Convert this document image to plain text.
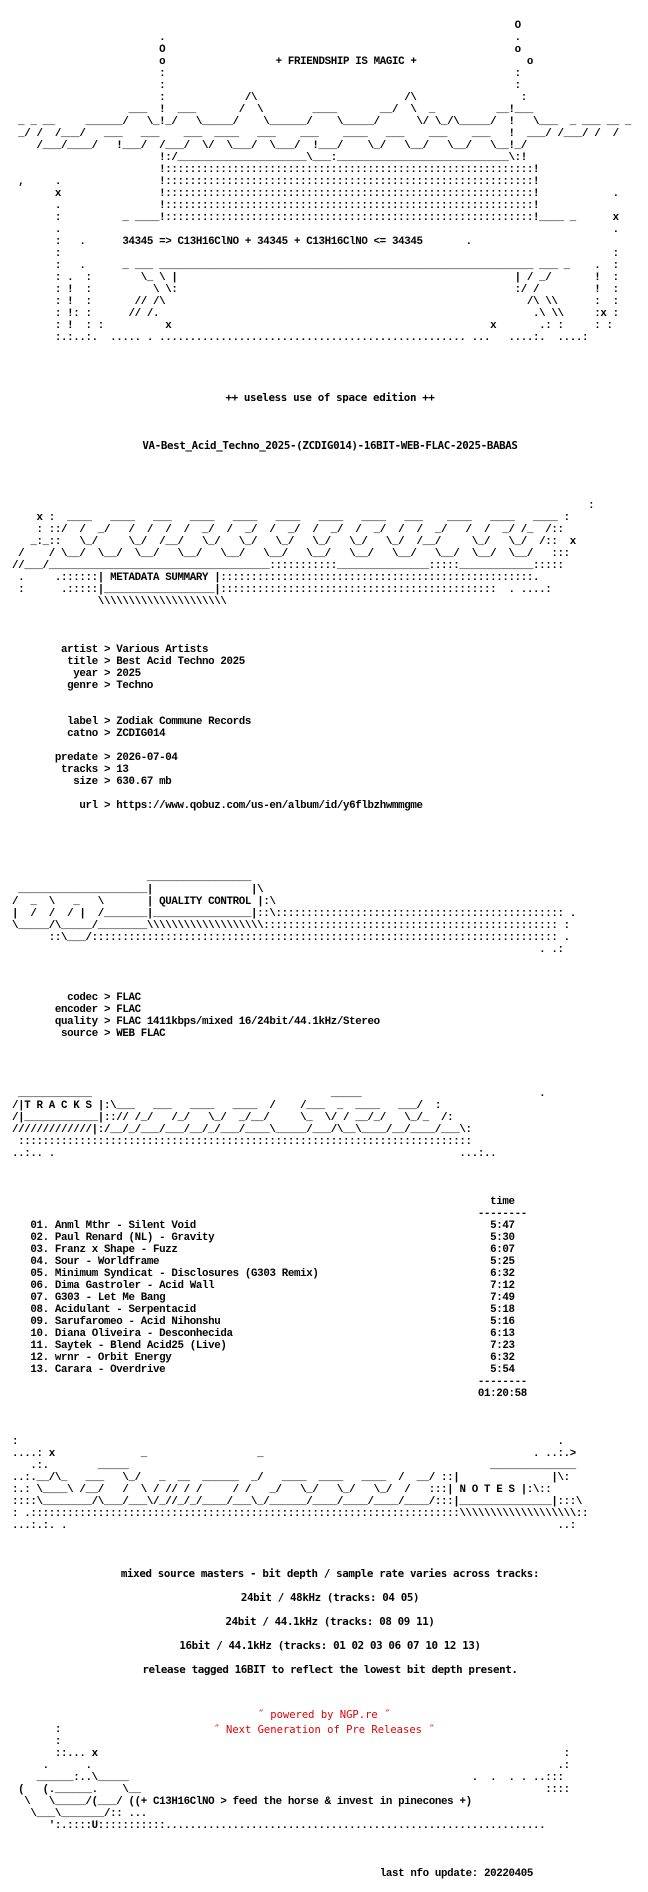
O
.                                                         .
O                                                         o
o	+ FRIENDSHIP IS MAGIC +	o
:                                                         :
:                                                         :
:             /\                        /\                 :
___  !  ___       /  \        ____       __/  \  _          __!___
_ _ __     ______/   \_!_/   \_____/    \______/    \_____/      \/ \_/\_____/  !   \___  _ ___ __ _
_/ /  /___/   ___   ___    ___  ____   ___    ___    ____   ___    ___    ___   !  ___/ /___/ /  /
/___/____/   !___/  /___/  \/  \___/  \___/  !___/    \_/   \__/   \__/   \__!_/
!:/_____________________\___:____________________________\:!
!::::::::::::::::::::::::::::::::::::::::::::::::::::::::::::!
,     .                !::::::::::::::::::::::::::::::::::::::::::::::::::::::::::::!
x                !::::::::::::::::::::::::::::::::::::::::::::::::::::::::::::!            .
.                !::::::::::::::::::::::::::::::::::::::::::::::::::::::::::::!
:          _ ____!::::::::::::::::::::::::::::::::::::::::::::::::::::::::::::!____ _      x
.                                                                                          .
:   .	34345 => C13H16ClNO + 34345 + C13H16ClNO <= 34345	.
:                                                                                          :
:   .      _ ___ _____________________________________________________________ ___ _    .  :
: .  :        \_ \ |                                                       | / _/       !  :
: !  :          \ \:                                                       :/ /         !  :
: !  :       // /\                                                           /\ \\      :  :
: !: :      // /.                                                             .\ \\     :x :
: !  : :          x                                                    x       .: :     : :
:.:..:.  ..... . .................................................. ...   ....:.  ....:

++ useless use of space edition ++

VA-Best_Acid_Techno_2025-(ZCDIG014)-16BIT-WEB-FLAC-2025-BABAS

:
x :  ____   ____   ___   ____   ____   ____   ____   ____   ___    ____   ____   ____ :
: ::/  /  _/   /  /  /  /  _/  /  _/  /  _/  /  _/  /  _/  /  /  _/   /  /  _/ /_  /::
_:_::   \_/     \_/  /__/   \_/   \_/   \_/   \_/   \_/   \_/  /__/     \_/   \_/  /::  x
/    / \__/  \__/  \__/   \__/   \__/   \__/   \__/   \__/   \__/   \__/  \__/  \__/   :::
//___/____________________________________:::::::::::_______________:::::____________:::::
.     .::::::| METADATA SUMMARY |:::::::::::::::::::::::::::::::::::::::::::::::::::.
:      .:::::|__________________|:::::::::::::::::::::::::::::::::::::::::::::  . ....:
\\\\\\\\\\\\\\\\\\\\\

artist > Various Artists
title > Best Acid Techno 2025
year > 2025
genre > Techno

label > Zodiak Commune Records
catno > ZCDIG014

predate > 2026-07-04
tracks > 13
size > 630.67 mb

url > https://www.qobuz.com/us-en/album/id/y6flbzhwmmgme

_________________
_____________________|                |\
/  _  \   _   \       | QUALITY CONTROL |:\
|  /  /  / |  /_______|________________|::\::::::::::::::::::::::::::::::::::::::::::::::: .
\_____/\_____/________\\\\\\\\\\\\\\\\\\\:::::::::::::::::::::::::::::::::::::::::::::::: :
::\___/:::::::::::::::::::::::::::::::::::::::::::::::::::::::::::::::::::::::::::: .
. .:

codec > FLAC
encoder > FLAC
quality > FLAC 1411kbps/mixed 16/24bit/44.1kHz/Stereo
source > WEB FLAC

____________                                       _____                             .
/|T R A C K S |:\___   ___   ____   ____  /    /___  _  ____   ___/  :
/|____________|::// /_/   /_/   \_/  _/__/     \_  \/ / __/_/   \_/_  /:
/////////////|:/__/_/___/___/__/_/___/____\_____/___/\__\____/__/____/___\:
::::::::::::::::::::::::::::::::::::::::::::::::::::::::::::::::::::::::::
..:.. .                                                                  ...:..

time
--------
01. Anml Mthr - Silent Void	5:47
02. Paul Renard (NL) - Gravity	5:30
03. Franz x Shape - Fuzz	6:07
04. Sour - Worldframe	5:25
05. Minimum Syndicat - Disclosures (G303 Remix)	6:32
06. Dima Gastroler - Acid Wall	7:12
07. G303 - Let Me Bang	7:49
08. Acidulant - Serpentacid	5:18
09. Sarufaromeo - Acid Nihonshu	5:16
10. Diana Oliveira - Desconhecida	6:13
11. Saytek - Blend Acid25 (Live)	7:23
12. wrnr - Orbit Energy	6:32
13. Carara - Overdrive	5:54
--------
01:20:58

:                                                                                        .
....: x              _                  _                                            . ..:.>
.:.        _____                                                           ______________
..:.__/\_   ___   \_/   _  __  ______  _/   ____  ____   ____  /  __/ ::|               |\:
:.: \____\ /__/   /  \ / // / /     / /   _/   \_/   \_/   \_/  /   :::| N O T E S |:\::
::::\________/\___/___\/_//_/_/____/___\_/______/____/____/____/____/:::|_______________|:::\
: .::::::::::::::::::::::::::::::::::::::::::::::::::::::::::::::::::::::\\\\\\\\\\\\\\\\\\\::
...:.:. .                                                                                ..:

mixed source masters - bit depth / sample rate varies across tracks:

24bit / 48kHz (tracks: 04 05)

24bit / 44.1kHz (tracks: 08 09 11)

16bit / 44.1kHz (tracks: 01 02 03 06 07 10 12 13)

release tagged 16BIT to reflect the lowest bit depth present.

:
:
::... x                                                                            :
.      .                                                                            .:
______:..\_____                                                        .  .  . . ..:::
(   (.______.    \__                                                                  ::::
\   \_____/(___/ ((+ C13H16ClNO > feed the horse & invest in pinecones +)
\___\_______/:: ...
':.::::U:::::::::::..............................................................

last nfo update: 20220405

˝ powered by NGP.re ˝
˝ Next Generation of Pre Releases ˝
